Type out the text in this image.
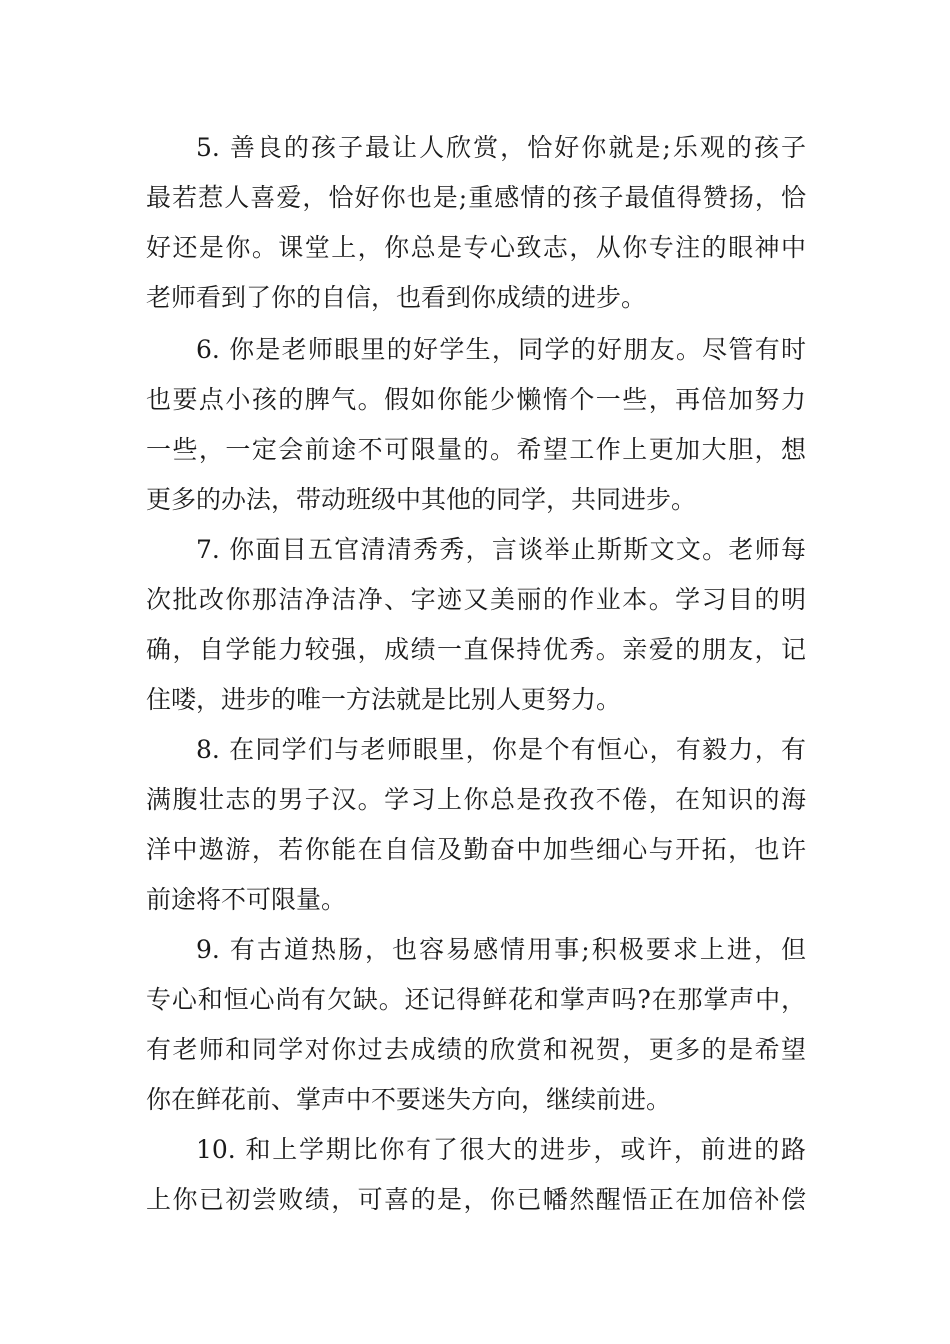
5. 善良的孩子最让人欣赏，恰好你就是;乐观的孩子
最若惹人喜爱，恰好你也是;重感情的孩子最值得赞扬，恰
好还是你。课堂上，你总是专心致志，从你专注的眼神中
老师看到了你的自信，也看到你成绩的进步。
6. 你是老师眼里的好学生，同学的好朋友。尽管有时
也要点小孩的脾气。假如你能少懒惰个一些，再倍加努力
一些，一定会前途不可限量的。希望工作上更加大胆，想
更多的办法，带动班级中其他的同学，共同进步。
7. 你面目五官清清秀秀，言谈举止斯斯文文。老师每
次批改你那洁净洁净、字迹又美丽的作业本。学习目的明
确，自学能力较强，成绩一直保持优秀。亲爱的朋友，记
住喽，进步的唯一方法就是比别人更努力。
8. 在同学们与老师眼里，你是个有恒心，有毅力，有
满腹壮志的男子汉。学习上你总是孜孜不倦，在知识的海
洋中遨游，若你能在自信及勤奋中加些细心与开拓，也许
前途将不可限量。
9. 有古道热肠，也容易感情用事;积极要求上进，但
专心和恒心尚有欠缺。还记得鲜花和掌声吗?在那掌声中，
有老师和同学对你过去成绩的欣赏和祝贺，更多的是希望
你在鲜花前、掌声中不要迷失方向，继续前进。
10. 和上学期比你有了很大的进步，或许，前进的路
上你已初尝败绩，可喜的是，你已幡然醒悟正在加倍补偿
